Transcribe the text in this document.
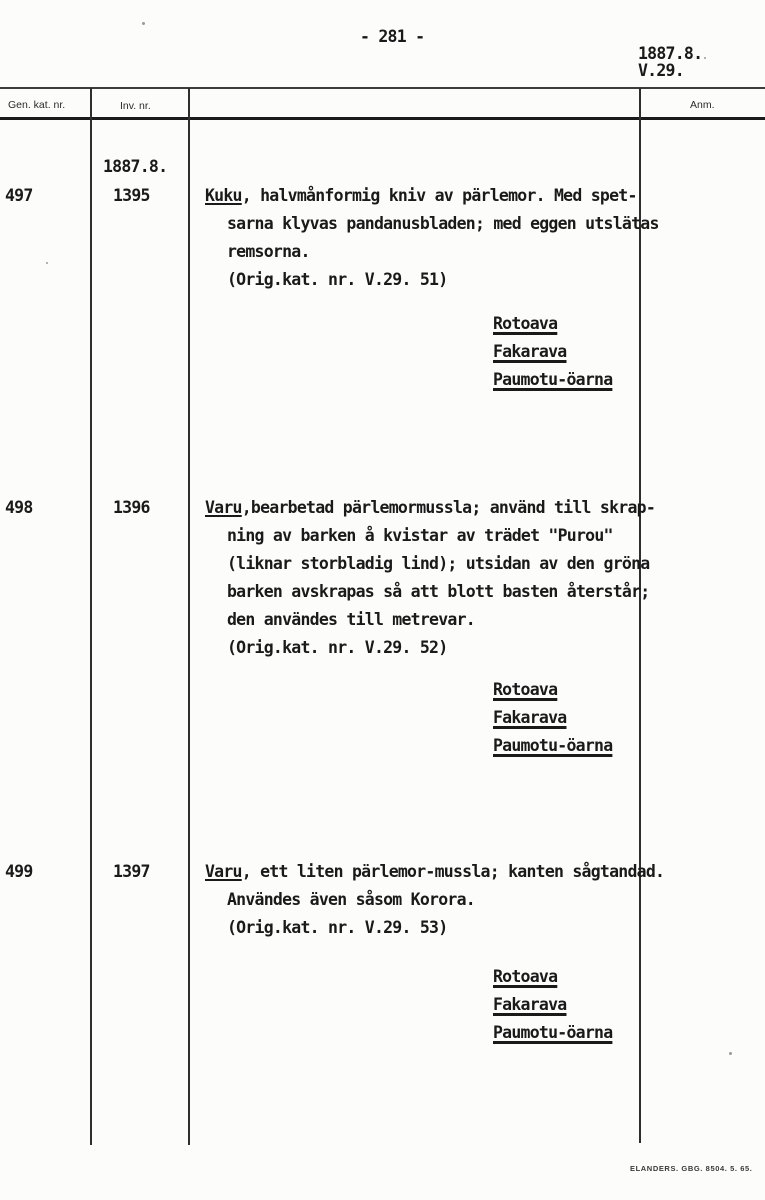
- 281 -
1887.8.
V.29.
Gen. kat. nr.	Inv. nr.	Anm.
1887.8.
497	1395	Kuku, halvmånformig kniv av pärlemor. Med spet-
sarna klyvas pandanusbladen; med eggen utslätas
remsorna.
(Orig.kat. nr. V.29. 51)
Rotoava
Fakarava
Paumotu-öarna
498	1396	Varu,bearbetad pärlemormussla; använd till skrap-
ning av barken å kvistar av trädet "Purou"
(liknar storbladig lind); utsidan av den gröna
barken avskrapas så att blott basten återstår;
den användes till metrevar.
(Orig.kat. nr. V.29. 52)
Rotoava
Fakarava
Paumotu-öarna
499	1397	Varu, ett liten pärlemor-mussla; kanten sågtandad.
Användes även såsom Korora.
(Orig.kat. nr. V.29. 53)
Rotoava
Fakarava
Paumotu-öarna
ELANDERS. GBG. 8504. 5. 65.
